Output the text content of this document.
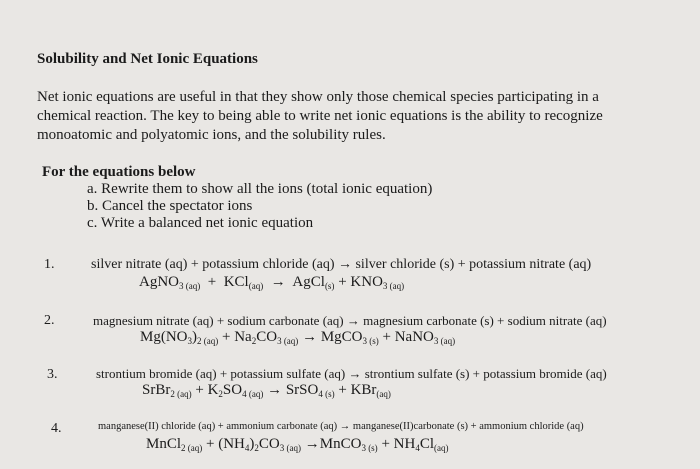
Solubility and Net Ionic Equations
Net ionic equations are useful in that they show only those chemical species participating in a
chemical reaction. The key to being able to write net ionic equations is the ability to recognize
monoatomic and polyatomic ions, and the solubility rules.
For the equations below
a. Rewrite them to show all the ions (total ionic equation)
b. Cancel the spectator ions
c. Write a balanced net ionic equation
1.	silver nitrate (aq) + potassium chloride (aq) → silver chloride (s) + potassium nitrate (aq)
AgNO$_{3 (aq)}$ + KCl$_{(aq)}$ → AgCl$_{(s)}$ + $KNO_{3 (aq)}$
2.	magnesium nitrate (aq) + sodium carbonate (aq) → magnesium carbonate (s) + sodium nitrate (aq)
$Mg(NO_3)_{2 (aq)} + Na_2CO_{3 (aq)}$ → MgCO$_{3 (s)}$ + NaNO$_{3 (aq)}$
3.	strontium bromide (aq) + potassium sulfate (aq) → strontium sulfate (s) + potassium bromide (aq)
SrBr$_{2 (aq)}$ + $K_2SO_{4 (aq)}$ → SrSO$_{4 (s)}$ + KBr$_{(aq)}$
4.	manganese(II) chloride (aq) + ammonium carbonate (aq) → manganese(II)carbonate (s) + ammonium chloride (aq)
MnCl$_{2 (aq)}$ + $(NH_4)_2CO_{3 (aq)}$ →MnCO$_{3 (s)}$ + $NH_4Cl_{(aq)}$
